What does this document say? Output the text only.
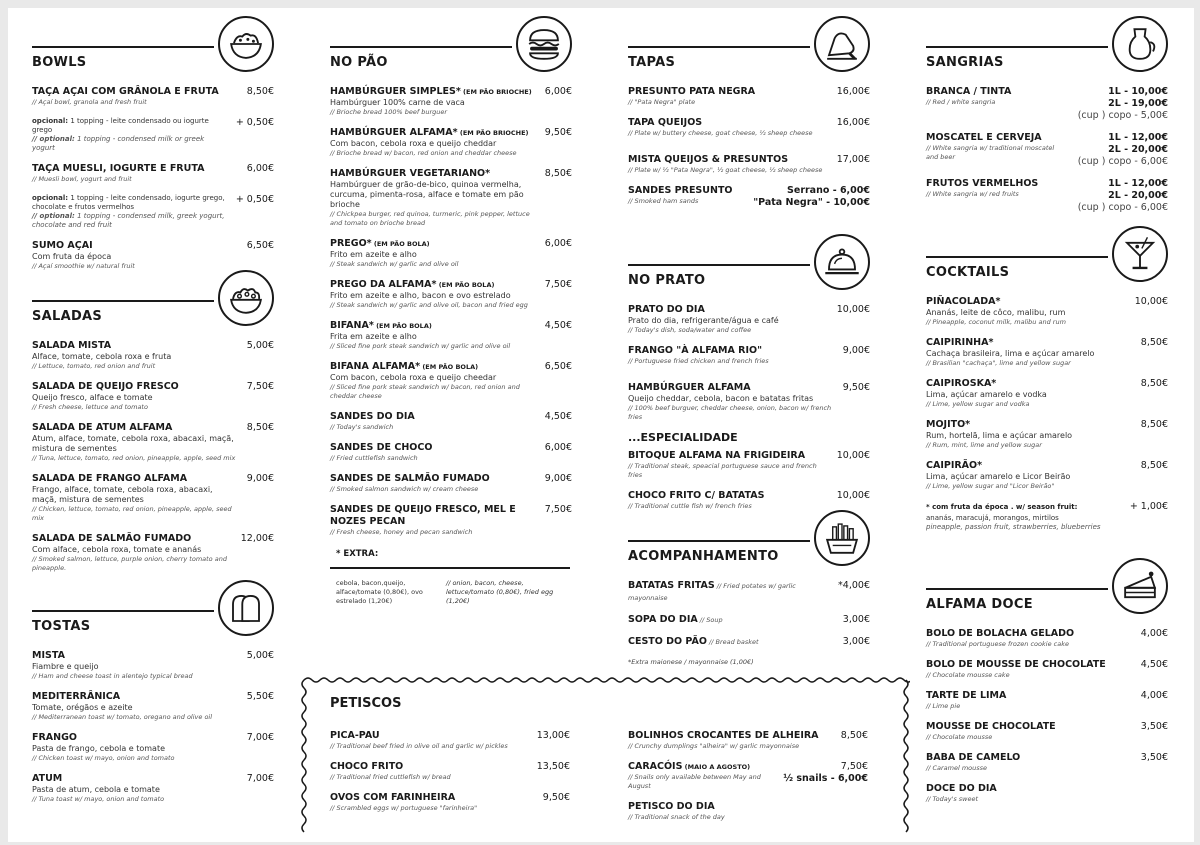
BOWLS
TAÇA AÇAI COM GRÂNOLA E FRUTA	8,50€
// Açaí bowl, granola and fresh fruit
opcional: 1 topping - leite condensado ou iogurte grego
+ 0,50€
// optional: 1 topping - condensed milk or greek yogurt
TAÇA MUESLI, IOGURTE E FRUTA	6,00€
// Muesli bowl, yogurt and fruit
opcional: 1 topping - leite condensado, iogurte grego, chocolate e frutos vermelhos
+ 0,50€
// optional: 1 topping - condensed milk, greek yogurt, chocolate and red fruit
SUMO AÇAI	6,50€
Com fruta da época
// Açaí smoothie w/ natural fruit
SALADAS
SALADA MISTA	5,00€
Alface, tomate, cebola roxa e fruta
// Lettuce, tomato, red onion and fruit
SALADA DE QUEIJO FRESCO	7,50€
Queijo fresco, alface e tomate
// Fresh cheese, lettuce and tomato
SALADA DE ATUM ALFAMA	8,50€
Atum, alface, tomate, cebola roxa, abacaxi, maçã, mistura de sementes
// Tuna, lettuce, tomato, red onion, pineapple, apple, seed mix
SALADA DE FRANGO ALFAMA	9,00€
Frango, alface, tomate, cebola roxa, abacaxi, maçã, mistura de sementes
// Chicken, lettuce, tomato, red onion, pineapple, apple, seed mix
SALADA DE SALMÃO FUMADO	12,00€
Com alface, cebola roxa, tomate e ananás
// Smoked salmon, lettuce, purple onion, cherry tomato and pineapple.
TOSTAS
MISTA	5,00€
Fiambre e queijo
// Ham and cheese toast in alentejo typical bread
MEDITERRÂNICA	5,50€
Tomate, orégãos e azeite
// Mediterranean toast w/ tomato, oregano and olive oil
FRANGO	7,00€
Pasta de frango, cebola e tomate
// Chicken toast w/ mayo, onion and tomato
ATUM	7,00€
Pasta de atum, cebola e tomate
// Tuna toast w/ mayo, onion and tomato
NO PÃO
HAMBÚRGUER SIMPLES* (EM PÃO BRIOCHE)	6,00€
Hambúrguer 100% carne de vaca
// Brioche bread 100% beef burguer
HAMBÚRGUER ALFAMA* (EM PÃO BRIOCHE)	9,50€
Com bacon, cebola roxa e queijo cheddar
// Brioche bread w/ bacon, red onion and cheddar cheese
HAMBÚRGUER VEGETARIANO*	8,50€
Hambúrguer de grão-de-bico, quinoa vermelha, curcuma, pimenta-rosa, alface e tomate em pão brioche
// Chickpea burger, red quinoa, turmeric, pink pepper, lettuce and tomato on brioche bread
PREGO* (EM PÃO BOLA)	6,00€
Frito em azeite e alho
// Steak sandwich w/ garlic and olive oil
PREGO DA ALFAMA* (EM PÃO BOLA)	7,50€
Frito em azeite e alho, bacon e ovo estrelado
// Steak sandwich w/ garlic and olive oil, bacon and fried egg
BIFANA* (EM PÃO BOLA)	4,50€
Frita em azeite e alho
// Sliced fine pork steak sandwich w/ garlic and olive oil
BIFANA ALFAMA* (EM PÃO BOLA)	6,50€
Com bacon, cebola roxa e queijo cheedar
// Sliced fine pork steak sandwich w/ bacon, red onion and cheddar cheese
SANDES DO DIA	4,50€
// Today's sandwich
SANDES DE CHOCO	6,00€
// Fried cuttlefish sandwich
SANDES DE SALMÃO FUMADO	9,00€
// Smoked salmon sandwich w/ cream cheese
SANDES DE QUEIJO FRESCO, MEL E NOZES PECAN
7,50€
// Fresh cheese, honey and pecan sandwich
* EXTRA:
cebola, bacon,queijo, alface/tomate (0,80€), ovo estrelado (1,20€)
// onion, bacon, cheese, lettuce/tomato (0,80€), fried egg (1,20€)
TAPAS
PRESUNTO PATA NEGRA	16,00€
// "Pata Negra" plate
TAPA QUEIJOS	16,00€
// Plate w/ buttery cheese, goat cheese, ½ sheep cheese
MISTA QUEIJOS & PRESUNTOS	17,00€
// Plate w/ ½ "Pata Negra", ½ goat cheese, ½ sheep cheese
SANDES PRESUNTO	Serrano - 6,00€
// Smoked ham sands	"Pata Negra" - 10,00€
NO PRATO
PRATO DO DIA	10,00€
Prato do dia, refrigerante/água e café
// Today's dish, soda/water and coffee
FRANGO "À ALFAMA RIO"	9,00€
// Portuguese fried chicken and french fries
HAMBÚRGUER ALFAMA	9,50€
Queijo cheddar, cebola, bacon e batatas fritas
// 100% beef burguer, cheddar cheese, onion, bacon w/ french fries
...ESPECIALIDADE
BITOQUE ALFAMA NA FRIGIDEIRA	10,00€
// Traditional steak, speacial portuguese sauce and french fries
CHOCO FRITO C/ BATATAS	10,00€
// Traditional cuttle fish w/ french fries
ACOMPANHAMENTO
BATATAS FRITAS // Fried potates w/ garlic mayonnaise
*4,00€
SOPA DO DIA // Soup	3,00€
CESTO DO PÃO // Bread basket	3,00€
*Extra maionese / mayonnaise (1,00€)
SANGRIAS
BRANCA / TINTA	1L - 10,00€
2L - 19,00€
(cup ) copo - 5,00€
// Red / white sangria
MOSCATEL E CERVEJA	1L - 12,00€
2L - 20,00€
(cup ) copo - 6,00€
// White sangria w/ traditional moscatel and beer
FRUTOS VERMELHOS	1L - 12,00€
2L - 20,00€
(cup ) copo - 6,00€
// White sangria w/ red fruits
COCKTAILS
PIÑACOLADA*	10,00€
Ananás, leite de côco, malibu, rum
// Pineapple, coconut milk, malibu and rum
CAIPIRINHA*	8,50€
Cachaça brasileira, lima e açúcar amarelo
// Brasilian "cachaça", lime and yellow sugar
CAIPIROSKA*	8,50€
Lima, açúcar amarelo e vodka
// Lime, yellow sugar and vodka
MOJITO*	8,50€
Rum, hortelã, lima e açúcar amarelo
// Rum, mint, lime and yellow sugar
CAIPIRÃO*	8,50€
Lima, açúcar amarelo e Licor Beirão
// Lime, yellow sugar and "Licor Beirão"
* com fruta da época . w/ season fruit:	+ 1,00€
ananás, maracujá, morangos, mirtilos
pineapple, passion fruit, strawberries, blueberries
ALFAMA DOCE
BOLO DE BOLACHA GELADO	4,00€
// Traditional portuguese frozen cookie cake
BOLO DE MOUSSE DE CHOCOLATE	4,50€
// Chocolate mousse cake
TARTE DE LIMA	4,00€
// Lime pie
MOUSSE DE CHOCOLATE	3,50€
// Chocolate mousse
BABA DE CAMELO	3,50€
// Caramel mousse
DOCE DO DIA
// Today's sweet
PETISCOS
PICA-PAU	13,00€
// Traditional beef fried in olive oil and garlic w/ pickles
CHOCO FRITO	13,50€
// Traditional fried cuttlefish w/ bread
OVOS COM FARINHEIRA	9,50€
// Scrambled eggs w/ portuguese "farinheira"
BOLINHOS CROCANTES DE ALHEIRA	8,50€
// Crunchy dumplings "alheira" w/ garlic mayonnaise
CARACÓIS (MAIO A AGOSTO)	7,50€
// Snails only available between May and August
½ snails - 6,00€
PETISCO DO DIA
// Traditional snack of the day
